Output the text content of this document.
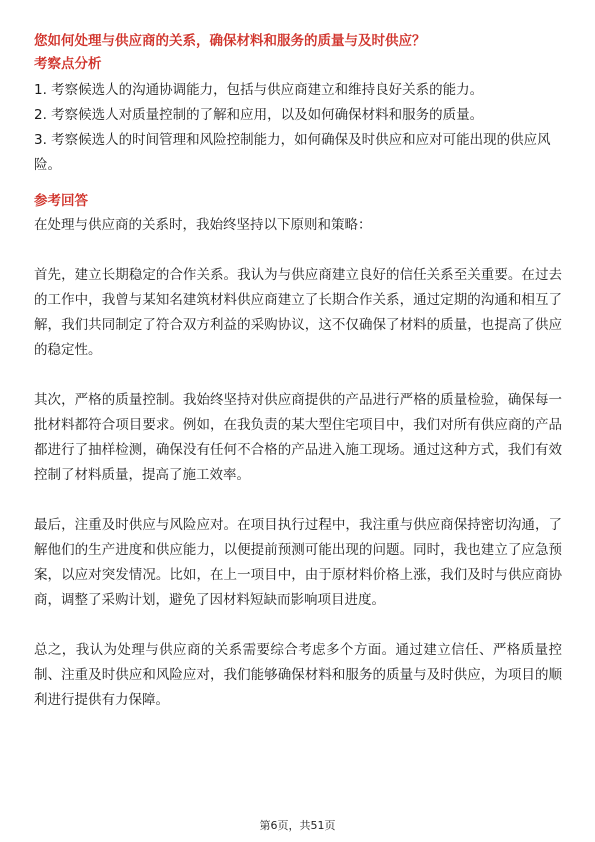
您如何处理与供应商的关系，确保材料和服务的质量与及时供应？

考察点分析

1. 考察候选人的沟通协调能力，包括与供应商建立和维持良好关系的能力。

2. 考察候选人对质量控制的了解和应用，以及如何确保材料和服务的质量。

3. 考察候选人的时间管理和风险控制能力，如何确保及时供应和应对可能出现的供应风险。

参考回答

在处理与供应商的关系时，我始终坚持以下原则和策略：

首先，建立长期稳定的合作关系。我认为与供应商建立良好的信任关系至关重要。在过去的工作中，我曾与某知名建筑材料供应商建立了长期合作关系，通过定期的沟通和相互了解，我们共同制定了符合双方利益的采购协议，这不仅确保了材料的质量，也提高了供应的稳定性。

其次，严格的质量控制。我始终坚持对供应商提供的产品进行严格的质量检验，确保每一批材料都符合项目要求。例如，在我负责的某大型住宅项目中，我们对所有供应商的产品都进行了抽样检测，确保没有任何不合格的产品进入施工现场。通过这种方式，我们有效控制了材料质量，提高了施工效率。

最后，注重及时供应与风险应对。在项目执行过程中，我注重与供应商保持密切沟通，了解他们的生产进度和供应能力，以便提前预测可能出现的问题。同时，我也建立了应急预案，以应对突发情况。比如，在上一项目中，由于原材料价格上涨，我们及时与供应商协商，调整了采购计划，避免了因材料短缺而影响项目进度。

总之，我认为处理与供应商的关系需要综合考虑多个方面。通过建立信任、严格质量控制、注重及时供应和风险应对，我们能够确保材料和服务的质量与及时供应，为项目的顺利进行提供有力保障。

第6页，共51页
